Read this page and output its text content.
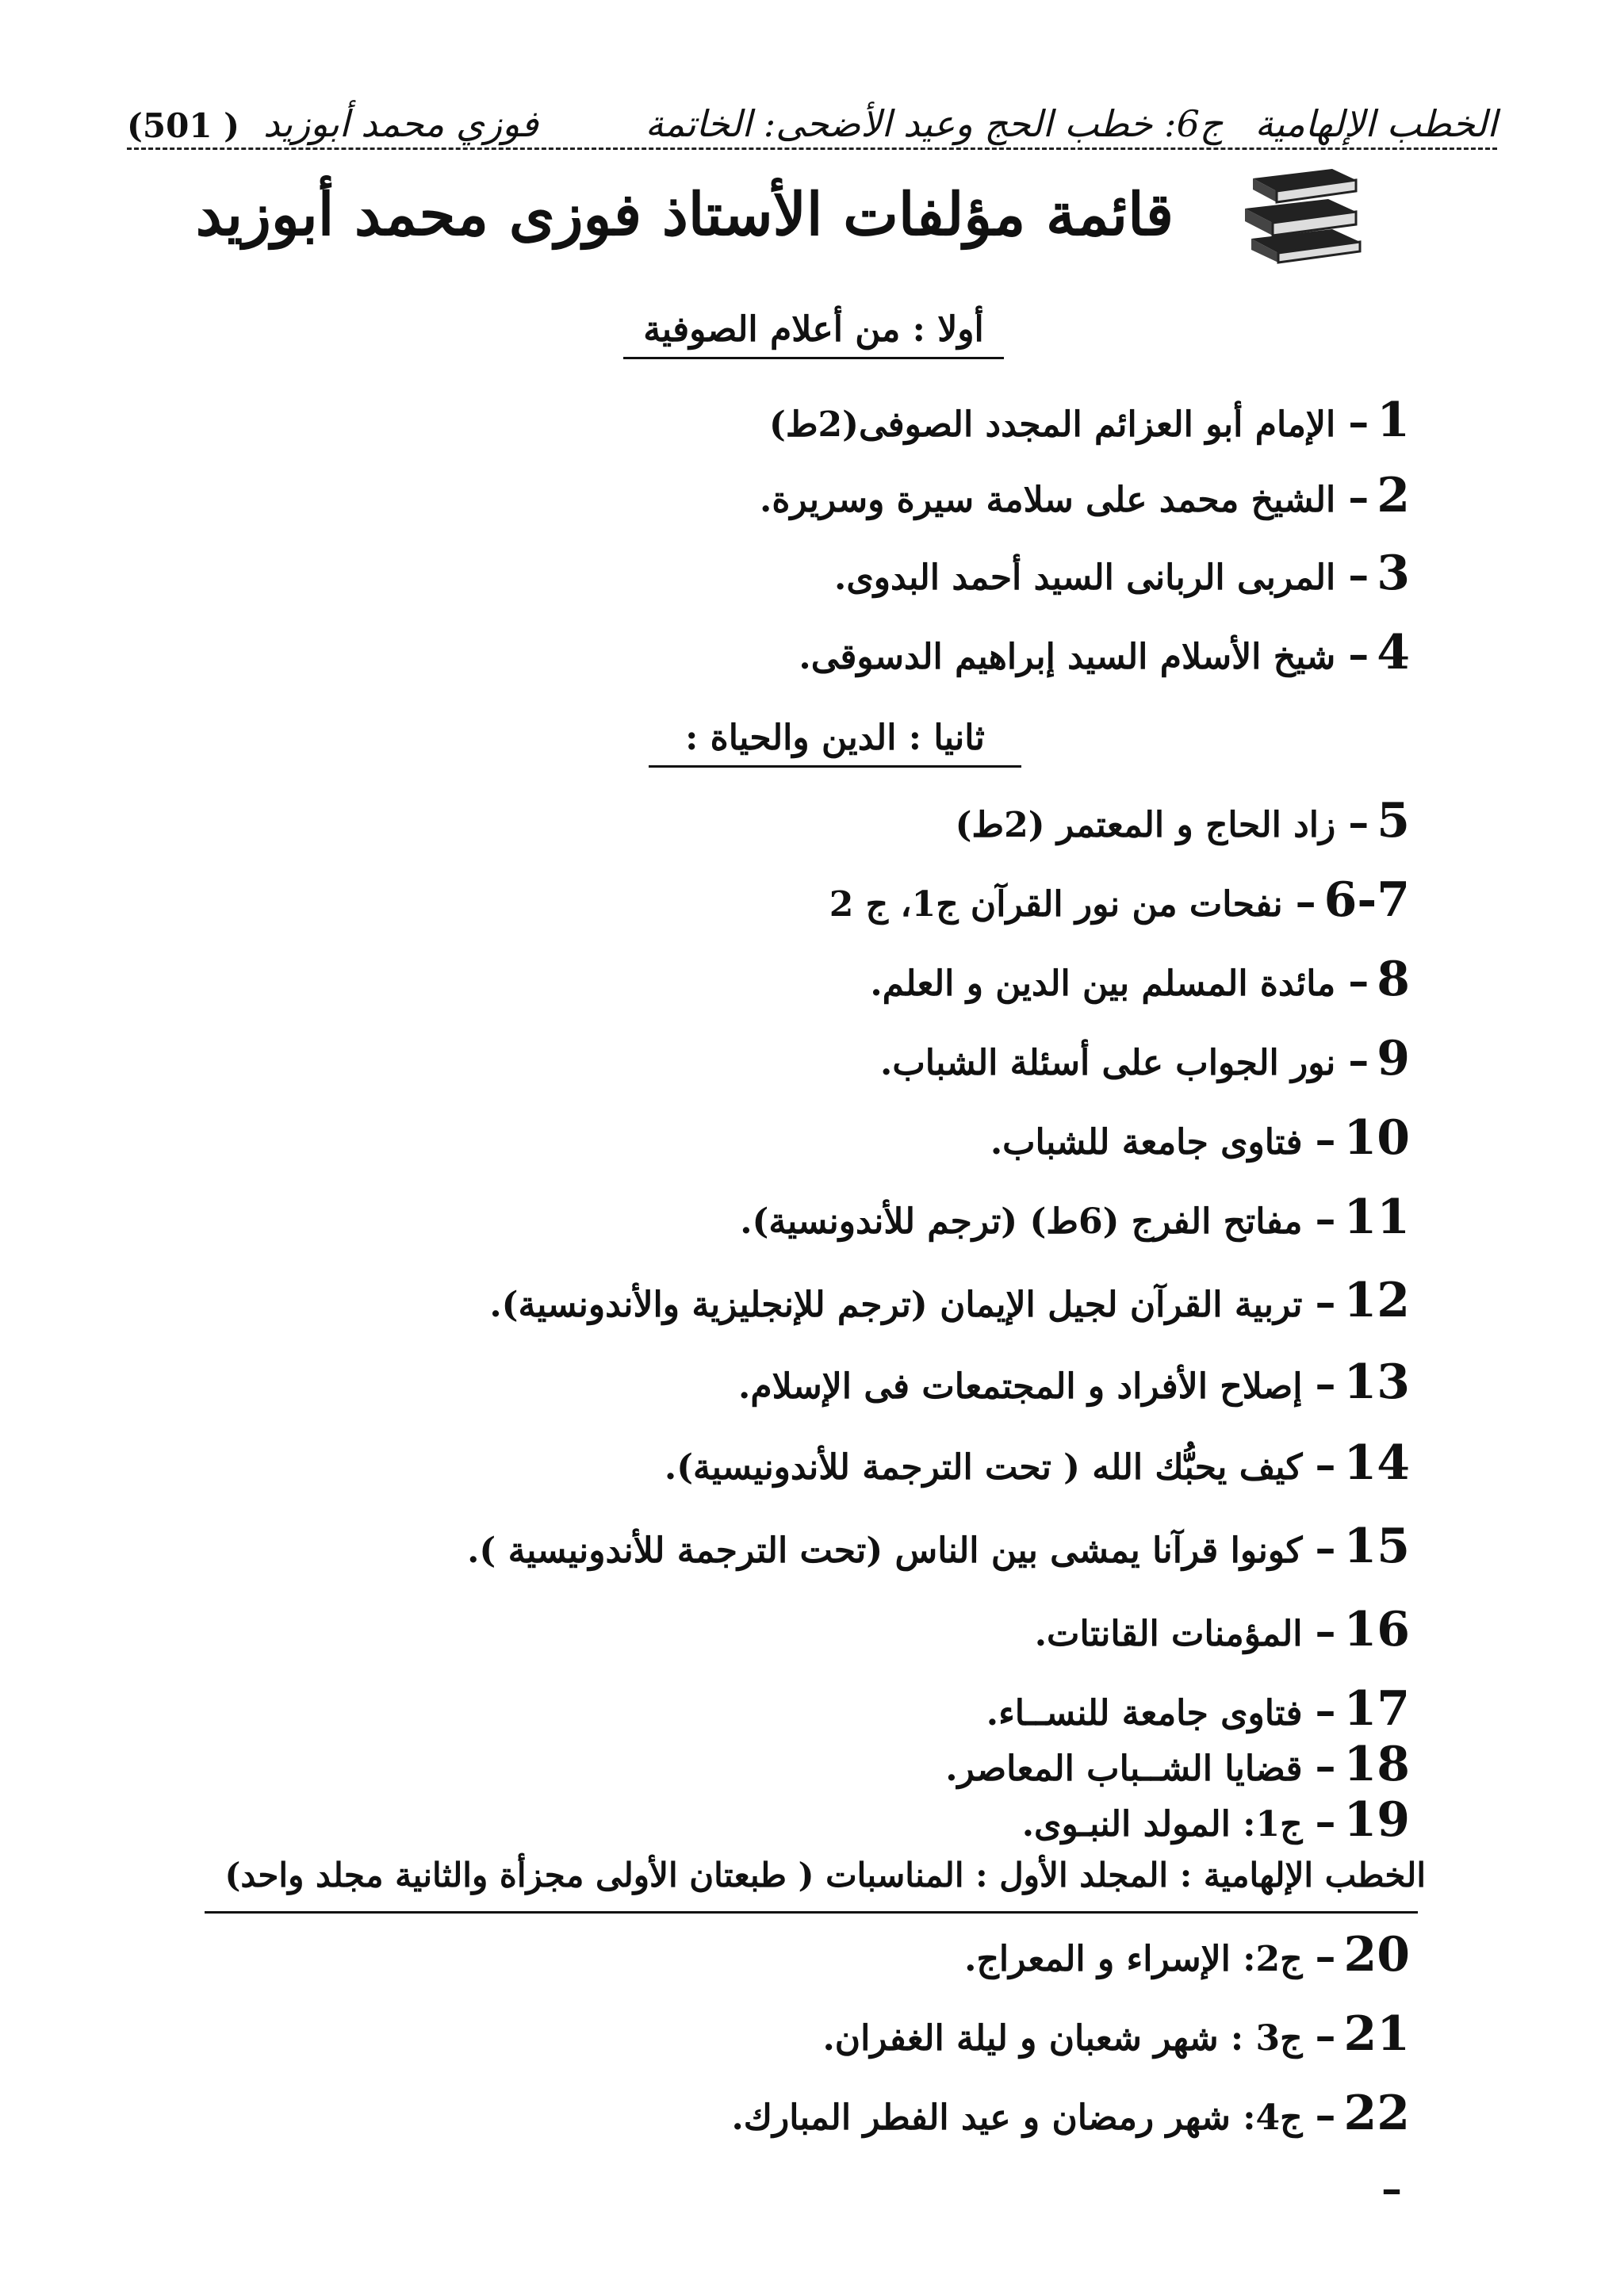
الخطب الإلهامية
ج6: خطب الحج وعيد الأضحى: الخاتمة
فوزي محمد أبوزيد
(501 )
قائمة مؤلفات الأستاذ فوزى محمد أبوزيد
أولا : من أعلام الصوفية
ثانيا : الدين والحياة :
1
–
الإمام أبو العزائم المجدد الصوفى(2ط)
2
–
الشيخ محمد على سلامة سيرة وسريرة.
3
–
المربى الربانى السيد أحمد البدوى.
4
–
شيخ الأسلام السيد إبراهيم الدسوقى.
5
–
زاد الحاج و المعتمر (2ط)
6-7
–
نفحات من نور القرآن ج1، ج 2
8
–
مائدة المسلم بين الدين و العلم.
9
–
نور الجواب على أسئلة الشباب.
10
–
فتاوى جامعة للشباب.
11
–
مفاتح الفرج (6ط) (ترجم للأندونسية).
12
–
تربية القرآن لجيل الإيمان (ترجم للإنجليزية والأندونسية).
13
–
إصلاح الأفراد و المجتمعات فى الإسلام.
14
–
كيف يحبُّك الله ( تحت الترجمة للأندونيسية).
15
–
كونوا قرآنا يمشى بين الناس (تحت الترجمة للأندونيسية ).
16
–
المؤمنات القانتات.
17
–
فتاوى جامعة للنســاء.
18
–
قضايا الشــباب المعاصر.
19
–
ج1: المولد النبـوى.
الخطب الإلهامية : المجلد الأول : المناسبات ( طبعتان الأولى مجزأة والثانية مجلد واحد)
20
–
ج2: الإسراء و المعراج.
21
–
ج3 : شهر شعبان و ليلة الغفران.
22
–
ج4: شهر رمضان و عيد الفطر المبارك.
–
